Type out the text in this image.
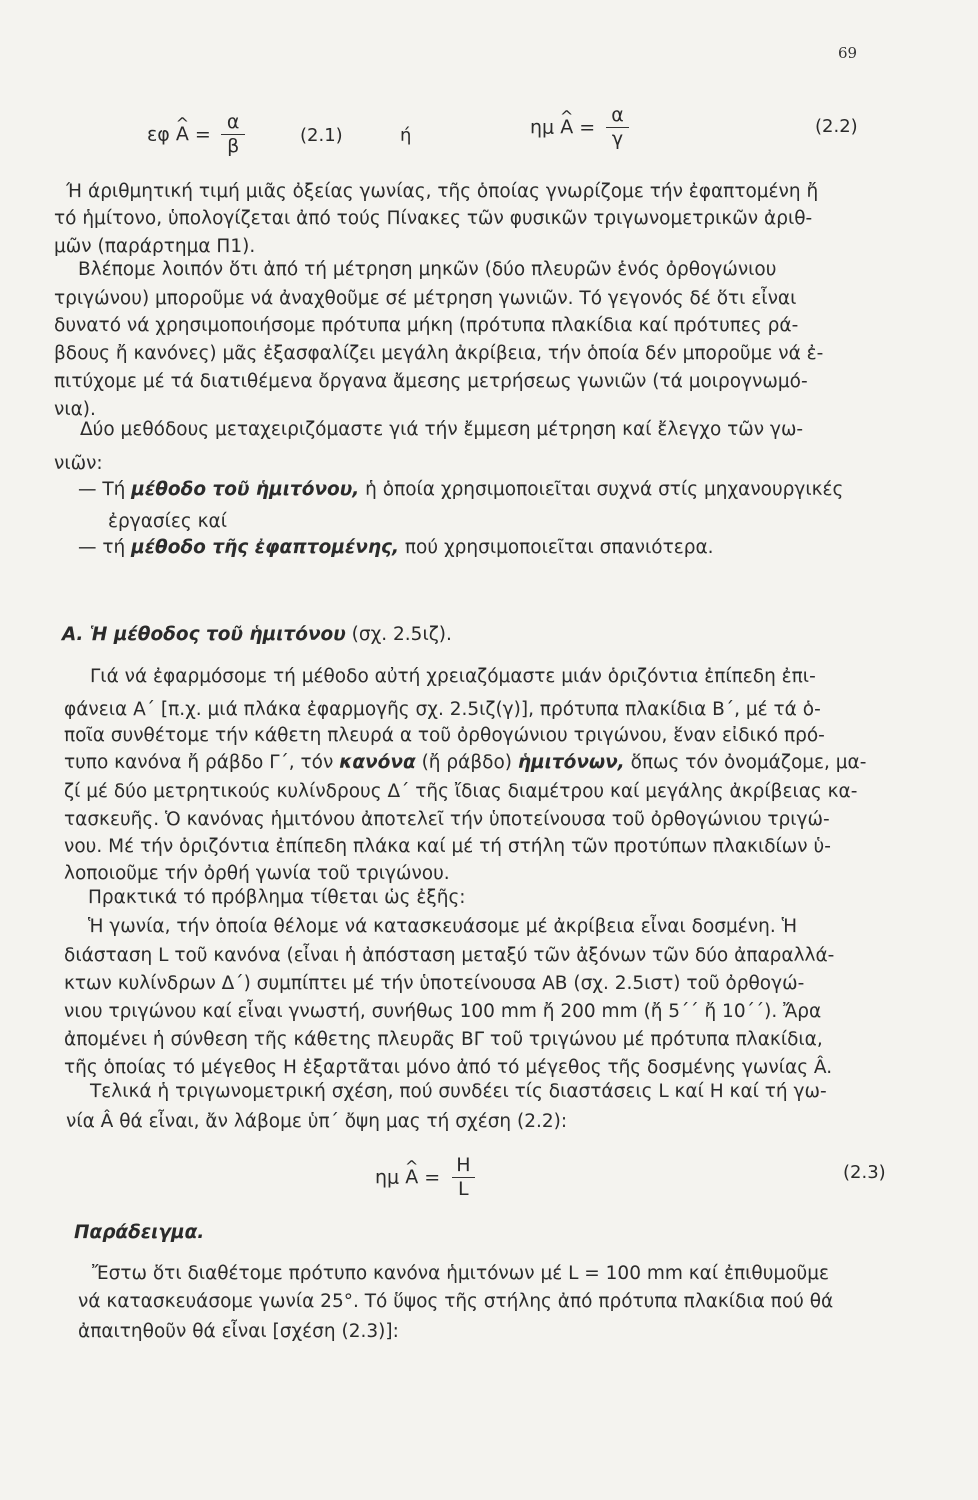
69
εφ ^ $A = \frac{\alpha}{\beta}$	(2.1)	ή	ημ ^ $A = \frac{\alpha}{\gamma}$	(2.2)
Ή άριθμητική τιμή μιᾶς ὀξείας γωνίας, τῆς ὁποίας γνωρίζομε τήν ἐφαπτομένη ἤ
τό ἡμίτονο, ὑπολογίζεται ἀπό τούς Πίνακες τῶν φυσικῶν τριγωνομετρικῶν ἀριθ-
μῶν (παράρτημα Π1).
Βλέπομε λοιπόν ὅτι ἀπό τή μέτρηση μηκῶν (δύο πλευρῶν ἑνός ὀρθογώνιου
τριγώνου) μποροῦμε νά ἀναχθοῦμε σέ μέτρηση γωνιῶν. Τό γεγονός δέ ὅτι εἶναι
δυνατό νά χρησιμοποιήσομε πρότυπα μήκη (πρότυπα πλακίδια καί πρότυπες ρά-
βδους ἤ κανόνες) μᾶς ἐξασφαλίζει μεγάλη ἀκρίβεια, τήν ὁποία δέν μποροῦμε νά ἐ-
πιτύχομε μέ τά διατιθέμενα ὄργανα ἄμεσης μετρήσεως γωνιῶν (τά μοιρογνωμό-
νια).
Δύο μεθόδους μεταχειριζόμαστε γιά τήν ἔμμεση μέτρηση καί ἔλεγχο τῶν γω-
νιῶν:
— Τή μέθοδο τοῦ ἡμιτόνου, ἡ ὁποία χρησιμοποιεῖται συχνά στίς μηχανουργικές
ἐργασίες καί
— τή μέθοδο τῆς ἐφαπτομένης, πού χρησιμοποιεῖται σπανιότερα.
Α. Ἡ μέθοδος τοῦ ἡμιτόνου (σχ. 2.5ιζ).
Γιά νά ἐφαρμόσομε τή μέθοδο αὐτή χρειαζόμαστε μιάν ὁριζόντια ἐπίπεδη ἐπι-
φάνεια Α΄ [π.χ. μιά πλάκα ἐφαρμογῆς σχ. 2.5ιζ(γ)], πρότυπα πλακίδια Β΄, μέ τά ὁ-
ποῖα συνθέτομε τήν κάθετη πλευρά α τοῦ ὀρθογώνιου τριγώνου, ἕναν εἰδικό πρό-
τυπο κανόνα ἤ ράβδο Γ΄, τόν κανόνα (ἤ ράβδο) ἡμιτόνων, ὅπως τόν ὀνομάζομε, μα-
ζί μέ δύο μετρητικούς κυλίνδρους Δ΄ τῆς ἴδιας διαμέτρου καί μεγάλης ἀκρίβειας κα-
τασκευῆς. Ὁ κανόνας ἡμιτόνου ἀποτελεῖ τήν ὑποτείνουσα τοῦ ὀρθογώνιου τριγώ-
νου. Μέ τήν ὁριζόντια ἐπίπεδη πλάκα καί μέ τή στήλη τῶν προτύπων πλακιδίων ὑ-
λοποιοῦμε τήν ὀρθή γωνία τοῦ τριγώνου.
Πρακτικά τό πρόβλημα τίθεται ὡς ἐξῆς:
Ἡ γωνία, τήν ὁποία θέλομε νά κατασκευάσομε μέ ἀκρίβεια εἶναι δοσμένη. Ἡ
διάσταση L τοῦ κανόνα (εἶναι ἡ ἀπόσταση μεταξύ τῶν ἀξόνων τῶν δύο ἀπαραλλά-
κτων κυλίνδρων Δ΄) συμπίπτει μέ τήν ὑποτείνουσα ΑΒ (σχ. 2.5ιστ) τοῦ ὀρθογώ-
νιου τριγώνου καί εἶναι γνωστή, συνήθως 100 mm ἤ 200 mm (ἤ 5΄΄ ἤ 10΄΄). Ἄρα
ἀπομένει ἡ σύνθεση τῆς κάθετης πλευρᾶς ΒΓ τοῦ τριγώνου μέ πρότυπα πλακίδια,
τῆς ὁποίας τό μέγεθος Η ἐξαρτᾶται μόνο ἀπό τό μέγεθος τῆς δοσμένης γωνίας Â.
Τελικά ἡ τριγωνομετρική σχέση, πού συνδέει τίς διαστάσεις L καί Η καί τή γω-
νία Â θά εἶναι, ἄν λάβομε ὑπ΄ ὄψη μας τή σχέση (2.2):
ημ ^ $A = \frac{H}{L}$	(2.3)
Παράδειγμα.
Ἔστω ὅτι διαθέτομε πρότυπο κανόνα ἡμιτόνων μέ L = 100 mm καί ἐπιθυμοῦμε
νά κατασκευάσομε γωνία 25°. Τό ὕψος τῆς στήλης ἀπό πρότυπα πλακίδια πού θά
ἀπαιτηθοῦν θά εἶναι [σχέση (2.3)]:
